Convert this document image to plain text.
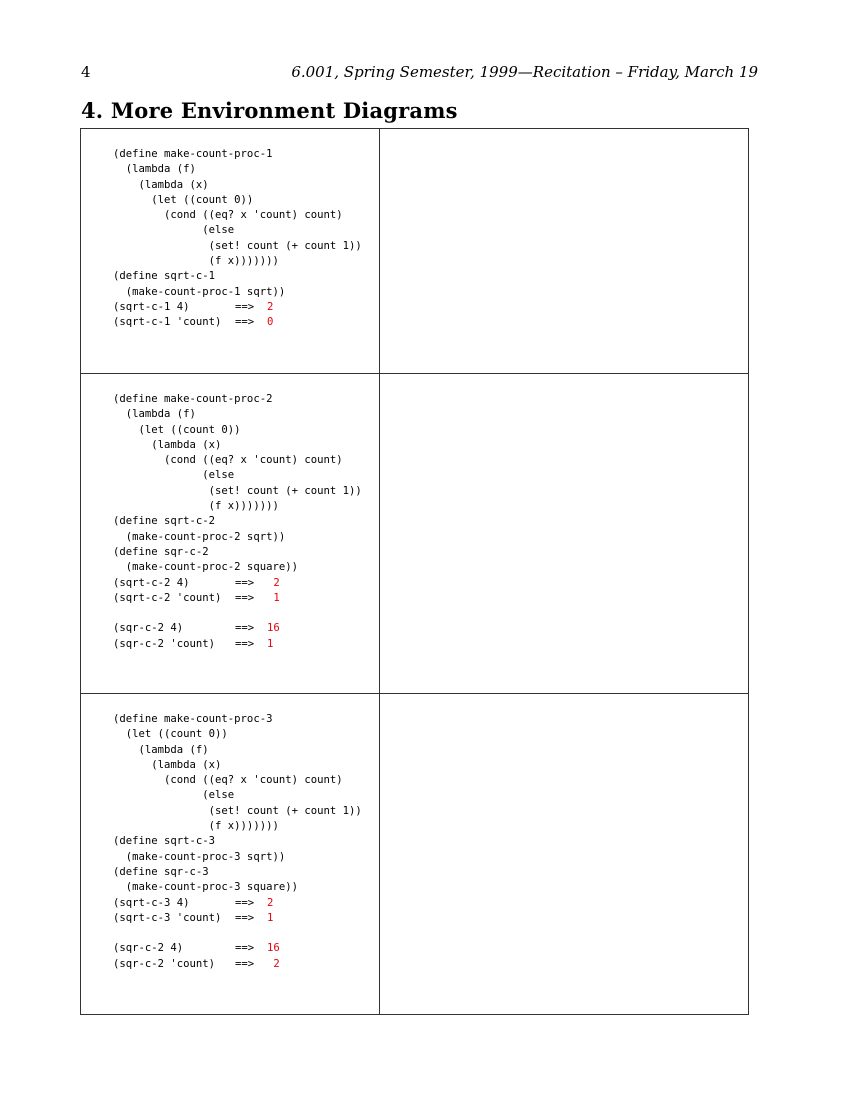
4	6.001, Spring Semester, 1999—Recitation – Friday, March 19
4. More Environment Diagrams
(define make-count-proc-1
(lambda (f)
(lambda (x)
(let ((count 0))
(cond ((eq? x 'count) count)
(else
(set! count (+ count 1))
(f x)))))))
(define sqrt-c-1
(make-count-proc-1 sqrt))
(sqrt-c-1 4)	==>	2
(sqrt-c-1 'count)	==>	0
(define make-count-proc-2
(lambda (f)
(let ((count 0))
(lambda (x)
(cond ((eq? x 'count) count)
(else
(set! count (+ count 1))
(f x)))))))
(define sqrt-c-2
(make-count-proc-2 sqrt))
(define sqr-c-2
(make-count-proc-2 square))
(sqrt-c-2 4)	==>	2
(sqrt-c-2 'count)	==>	1
(sqr-c-2 4)	==>	16
(sqr-c-2 'count)	==>	1
(define make-count-proc-3
(let ((count 0))
(lambda (f)
(lambda (x)
(cond ((eq? x 'count) count)
(else
(set! count (+ count 1))
(f x)))))))
(define sqrt-c-3
(make-count-proc-3 sqrt))
(define sqr-c-3
(make-count-proc-3 square))
(sqrt-c-3 4)	==>	2
(sqrt-c-3 'count)	==>	1
(sqr-c-2 4)	==>	16
(sqr-c-2 'count)	==>	2
